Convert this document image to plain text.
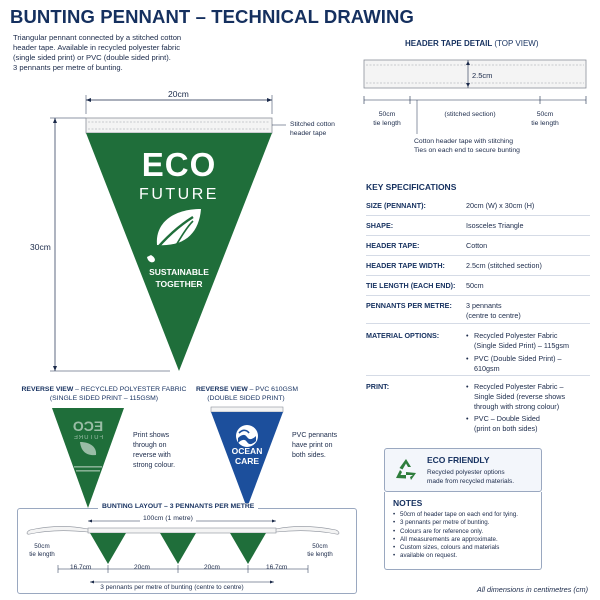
BUNTING PENNANT – TECHNICAL DRAWING
Triangular pennant connected by a stitched cotton
header tape. Available in recycled polyester fabric
(single sided print) or PVC (double sided print).
3 pennants per metre of bunting.
20cm
30cm
Stitched cotton
header tape
ECO
FUTURE
SUSTAINABLE
TOGETHER
HEADER TAPE DETAIL (TOP VIEW)
2.5cm
50cm
tie length
(stitched section)	50cm
tie length
Cotton header tape with stitching
Ties on each end to secure bunting
KEY SPECIFICATIONS
SIZE (PENNANT):	20cm (W) x 30cm (H)
SHAPE:	Isosceles Triangle
HEADER TAPE:	Cotton
HEADER TAPE WIDTH:	2.5cm (stitched section)
TIE LENGTH (EACH END): 50cm
PENNANTS PER METRE: 3 pennants
(centre to centre)
MATERIAL OPTIONS:	• Recycled Polyester Fabric
(Single Sided Print) – 115gsm
• PVC (Double Sided Print) –
610gsm
PRINT:	• Recycled Polyester Fabric –
Single Sided (reverse shows
through with strong colour)
• PVC – Double Sided
(print on both sides)
REVERSE VIEW – RECYCLED POLYESTER FABRIC
(SINGLE SIDED PRINT – 115GSM)
ECO
FUTURE	Print shows
through on
reverse with
strong colour.
REVERSE VIEW – PVC 610GSM
(DOUBLE SIDED PRINT)
OCEAN
CARE
PVC pennants
have print on
both sides.	ECO FRIENDLY
Recycled polyester options
made from recycled materials.
NOTES
• 50cm of header tape on each end for tying.
• 3 pennants per metre of bunting.
• Colours are for reference only.
• All measurements are approximate.
• Custom sizes, colours and materials
• available on request.
BUNTING LAYOUT – 3 PENNANTS PER METRE
100cm (1 metre)
50cm
tie length
50cm
tie length
16.7cm	20cm	20cm	16.7cm
3 pennants per metre of bunting (centre to centre)	All dimensions in centimetres (cm)
